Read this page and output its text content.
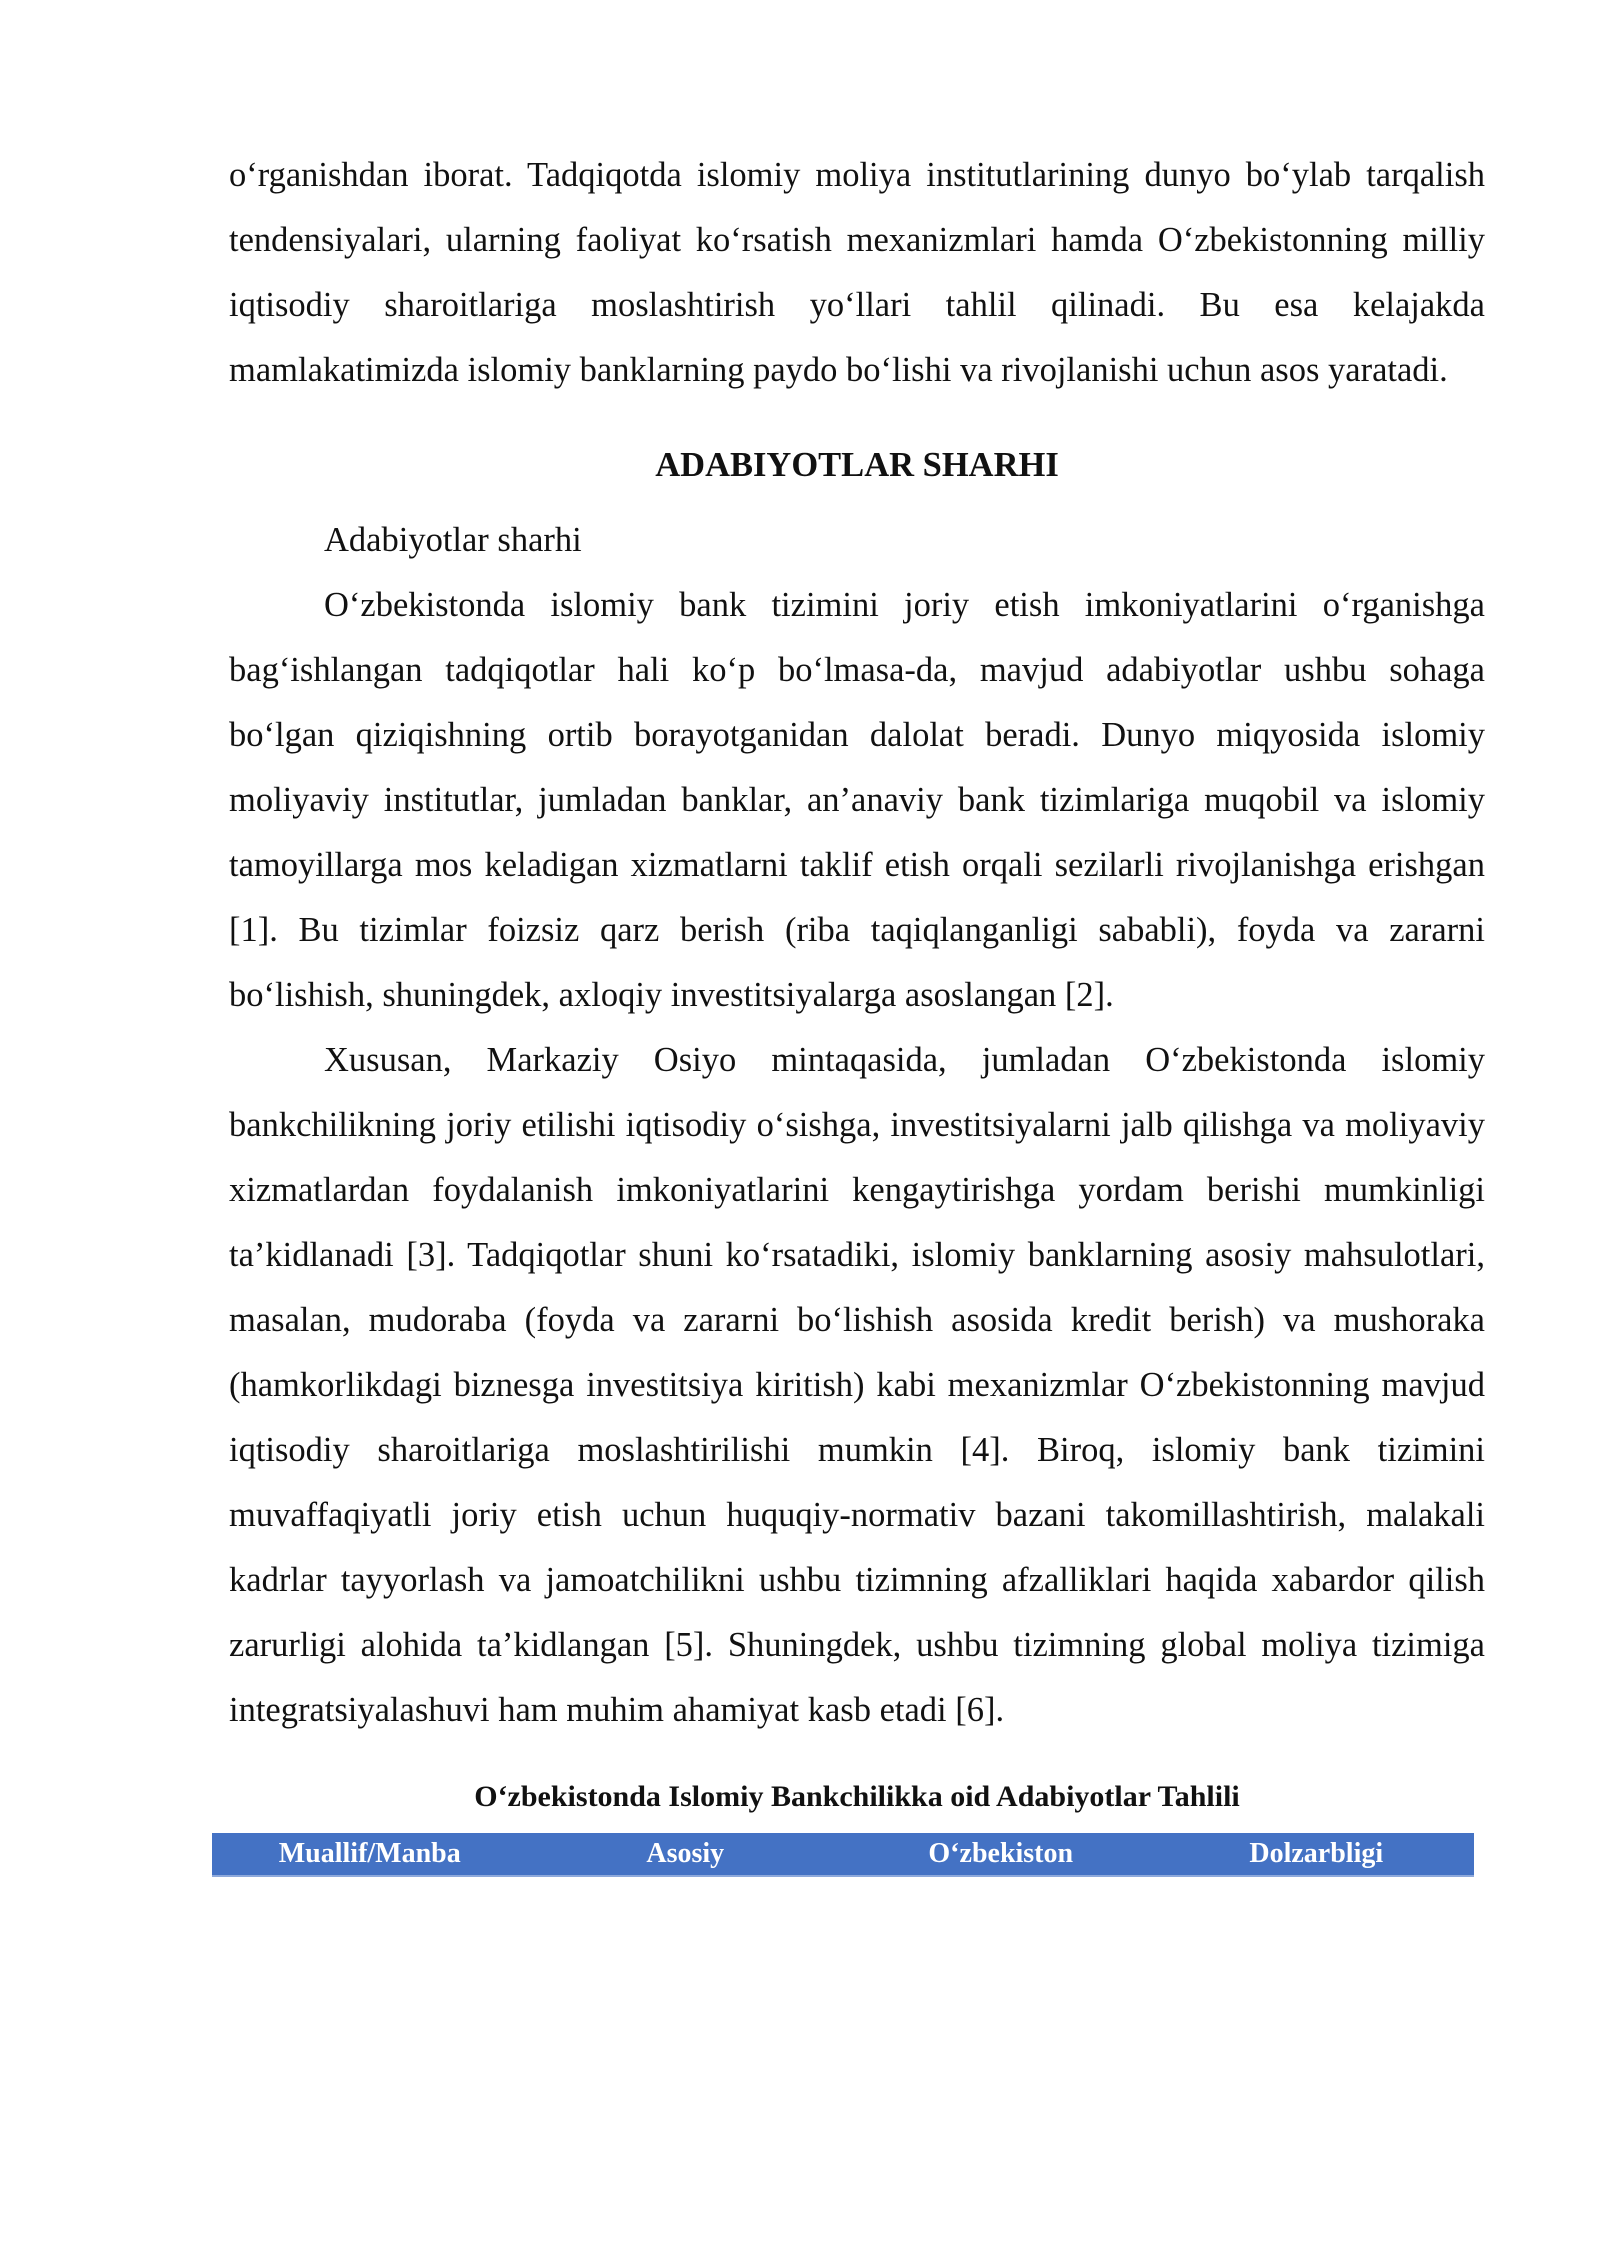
o‘rganishdan iborat. Tadqiqotda islomiy moliya institutlarining dunyo bo‘ylab tarqalish tendensiyalari, ularning faoliyat ko‘rsatish mexanizmlari hamda O‘zbekistonning milliy iqtisodiy sharoitlariga moslashtirish yo‘llari tahlil qilinadi. Bu esa kelajakda mamlakatimizda islomiy banklarning paydo bo‘lishi va rivojlanishi uchun asos yaratadi.

ADABIYOTLAR SHARHI

Adabiyotlar sharhi

O‘zbekistonda islomiy bank tizimini joriy etish imkoniyatlarini o‘rganishga bag‘ishlangan tadqiqotlar hali ko‘p bo‘lmasa-da, mavjud adabiyotlar ushbu sohaga bo‘lgan qiziqishning ortib borayotganidan dalolat beradi. Dunyo miqyosida islomiy moliyaviy institutlar, jumladan banklar, an’anaviy bank tizimlariga muqobil va islomiy tamoyillarga mos keladigan xizmatlarni taklif etish orqali sezilarli rivojlanishga erishgan [1]. Bu tizimlar foizsiz qarz berish (riba taqiqlanganligi sababli), foyda va zararni bo‘lishish, shuningdek, axloqiy investitsiyalarga asoslangan [2].

Xususan, Markaziy Osiyo mintaqasida, jumladan O‘zbekistonda islomiy bankchilikning joriy etilishi iqtisodiy o‘sishga, investitsiyalarni jalb qilishga va moliyaviy xizmatlardan foydalanish imkoniyatlarini kengaytirishga yordam berishi mumkinligi ta’kidlanadi [3]. Tadqiqotlar shuni ko‘rsatadiki, islomiy banklarning asosiy mahsulotlari, masalan, mudoraba (foyda va zararni bo‘lishish asosida kredit berish) va mushoraka (hamkorlikdagi biznesga investitsiya kiritish) kabi mexanizmlar O‘zbekistonning mavjud iqtisodiy sharoitlariga moslashtirilishi mumkin [4]. Biroq, islomiy bank tizimini muvaffaqiyatli joriy etish uchun huquqiy-normativ bazani takomillashtirish, malakali kadrlar tayyorlash va jamoatchilikni ushbu tizimning afzalliklari haqida xabardor qilish zarurligi alohida ta’kidlangan [5]. Shuningdek, ushbu tizimning global moliya tizimiga integratsiyalashuvi ham muhim ahamiyat kasb etadi [6].

O‘zbekistonda Islomiy Bankchilikka oid Adabiyotlar Tahlili
Muallif/Manba	Asosiy	O‘zbekiston	Dolzarbligi
